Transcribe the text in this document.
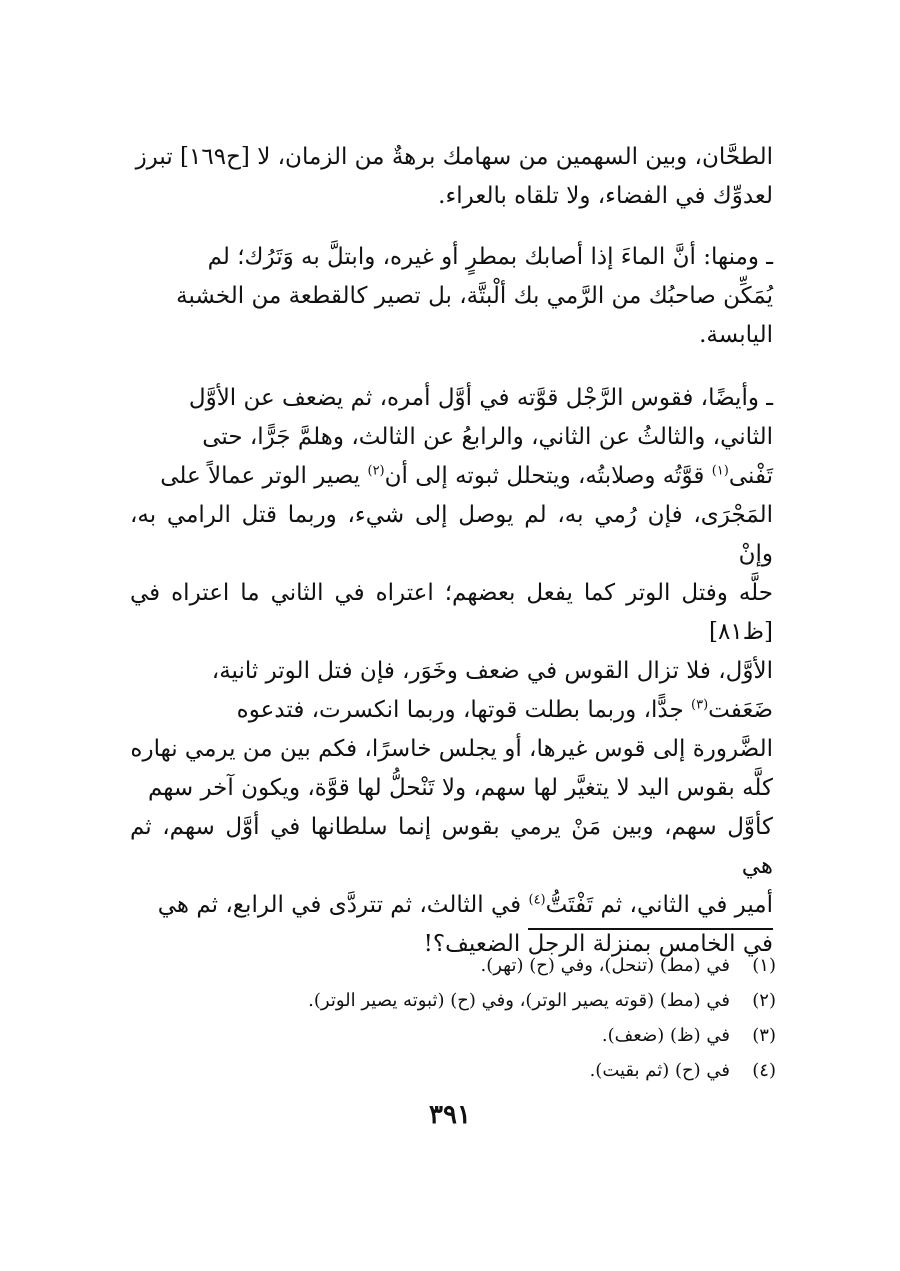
الطحَّان، وبين السهمين من سهامك برهةٌ من الزمان، لا [ح١٦٩] تبرز
لعدوِّك في الفضاء، ولا تلقاه بالعراء.

ـ ومنها: أنَّ الماءَ إذا أصابك بمطرٍ أو غيره، وابتلَّ به وَتَرُك؛ لم
يُمَكِّن صاحبُك من الرَّمي بك ألْبتَّة، بل تصير كالقطعة من الخشبة
اليابسة.

ـ وأيضًا، فقوس الرَّجْل قوَّته في أوَّل أمره، ثم يضعف عن الأوَّل
الثاني، والثالثُ عن الثاني، والرابعُ عن الثالث، وهلمَّ جَرًّا، حتى
تَفْنى$^{(١)}$ قوَّتُه وصلابتُه، ويتحلل ثبوته إلى أن$^{(٢)}$ يصير الوتر عمالاً على
المَجْرَى، فإن رُمي به، لم يوصل إلى شيء، وربما قتل الرامي به، وإنْ
حلَّه وفتل الوتر كما يفعل بعضهم؛ اعتراه في الثاني ما اعتراه في [ظ٨١]
الأوَّل، فلا تزال القوس في ضعف وخَوَر، فإن فتل الوتر ثانية،
ضَعَفت$^{(٣)}$ جدًّا، وربما بطلت قوتها، وربما انكسرت، فتدعوه
الضَّرورة إلى قوس غيرها، أو يجلس خاسرًا، فكم بين من يرمي نهاره
كلَّه بقوس اليد لا يتغيَّر لها سهم، ولا تَنْحلُّ لها قوَّة، ويكون آخر سهم
كأوَّل سهم، وبين مَنْ يرمي بقوس إنما سلطانها في أوَّل سهم، ثم هي
أمير في الثاني، ثم تَفْتَتُّ$^{(٤)}$ في الثالث، ثم تتردَّى في الرابع، ثم هي
في الخامس بمنزلة الرجل الضعيف؟!

(١)
في (مط) (تنحل)، وفي (ح) (تهر).
(٢)
في (مط) (قوته يصير الوتر)، وفي (ح) (ثبوته يصير الوتر).
(٣)
في (ظ) (ضعف).
(٤)
في (ح) (ثم بقيت).
٣٩١
